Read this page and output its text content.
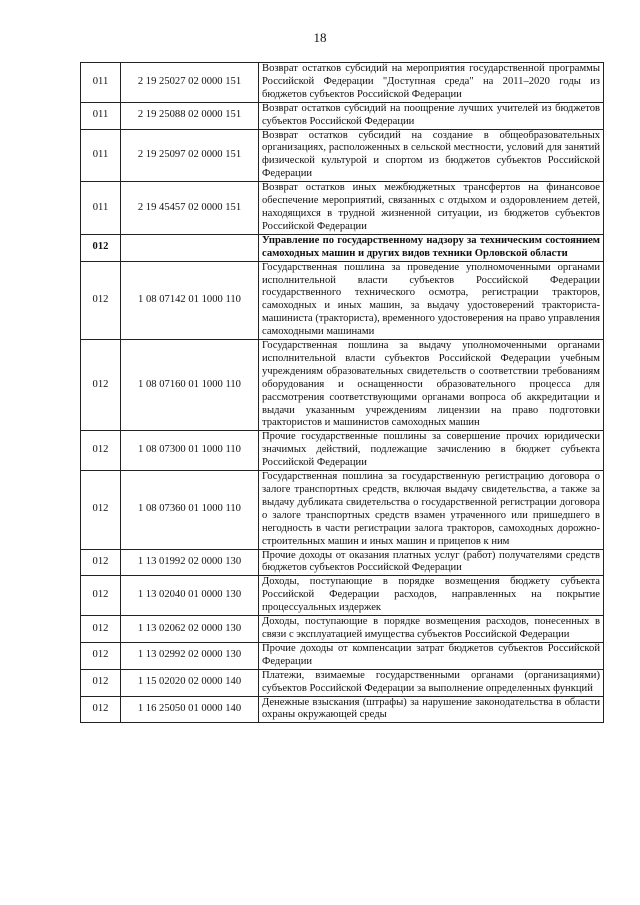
18
011	2 19 25027 02 0000 151	Возврат остатков субсидий на мероприятия государственной программы Российской Федерации "Доступная среда" на 2011–2020 годы из бюджетов субъектов Российской Федерации
011	2 19 25088 02 0000 151	Возврат остатков субсидий на поощрение лучших учителей из бюджетов субъектов Российской Федерации
011	2 19 25097 02 0000 151	Возврат остатков субсидий на создание в общеобразовательных организациях, расположенных в сельской местности, условий для занятий физической культурой и спортом из бюджетов субъектов Российской Федерации
011	2 19 45457 02 0000 151	Возврат остатков иных межбюджетных трансфертов на финансовое обеспечение мероприятий, связанных с отдыхом и оздоровлением детей, находящихся в трудной жизненной ситуации, из бюджетов субъектов Российской Федерации
012		Управление по государственному надзору за техническим состоянием самоходных машин и других видов техники Орловской области
012	1 08 07142 01 1000 110	Государственная пошлина за проведение уполномоченными органами исполнительной власти субъектов Российской Федерации государственного технического осмотра, регистрации тракторов, самоходных и иных машин, за выдачу удостоверений тракториста-машиниста (тракториста), временного удостоверения на право управления самоходными машинами
012	1 08 07160 01 1000 110	Государственная пошлина за выдачу уполномоченными органами исполнительной власти субъектов Российской Федерации учебным учреждениям образовательных свидетельств о соответствии требованиям оборудования и оснащенности образовательного процесса для рассмотрения соответствующими органами вопроса об аккредитации и выдачи указанным учреждениям лицензии на право подготовки трактористов и машинистов самоходных машин
012	1 08 07300 01 1000 110	Прочие государственные пошлины за совершение прочих юридически значимых действий, подлежащие зачислению в бюджет субъекта Российской Федерации
012	1 08 07360 01 1000 110	Государственная пошлина за государственную регистрацию договора о залоге транспортных средств, включая выдачу свидетельства, а также за выдачу дубликата свидетельства о государственной регистрации договора о залоге транспортных средств взамен утраченного или пришедшего в негодность в части регистрации залога тракторов, самоходных дорожно-строительных машин и иных машин и прицепов к ним
012	1 13 01992 02 0000 130	Прочие доходы от оказания платных услуг (работ) получателями средств бюджетов субъектов Российской Федерации
012	1 13 02040 01 0000 130	Доходы, поступающие в порядке возмещения бюджету субъекта Российской Федерации расходов, направленных на покрытие процессуальных издержек
012	1 13 02062 02 0000 130	Доходы, поступающие в порядке возмещения расходов, понесенных в связи с эксплуатацией имущества субъектов Российской Федерации
012	1 13 02992 02 0000 130	Прочие доходы от компенсации затрат бюджетов субъектов Российской Федерации
012	1 15 02020 02 0000 140	Платежи, взимаемые государственными органами (организациями) субъектов Российской Федерации за выполнение определенных функций
012	1 16 25050 01 0000 140	Денежные взыскания (штрафы) за нарушение законодательства в области охраны окружающей среды
